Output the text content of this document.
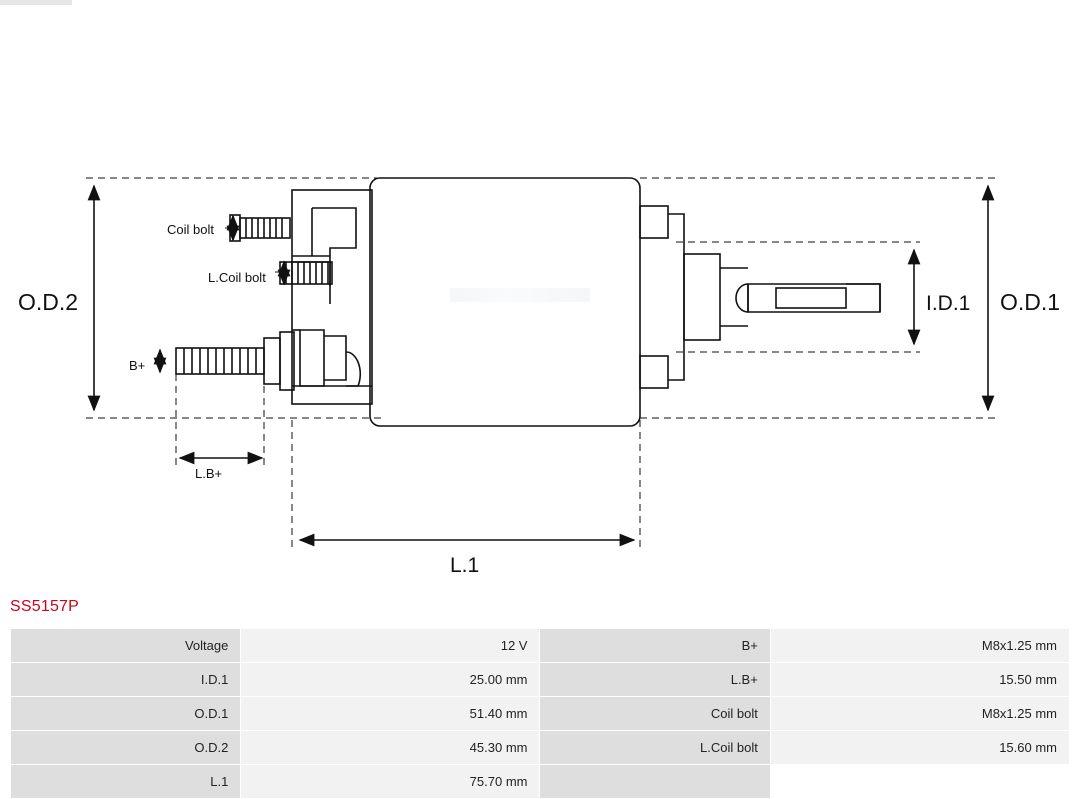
O.D.2	O.D.1
I.D.1
L.1
L.B+
B+
Coil bolt
L.Coil bolt
SS5157P
Voltage	12 V	B+	M8x1.25 mm
I.D.1	25.00 mm	L.B+	15.50 mm
O.D.1	51.40 mm	Coil bolt	M8x1.25 mm
O.D.2	45.30 mm	L.Coil bolt	15.60 mm
L.1	75.70 mm		
